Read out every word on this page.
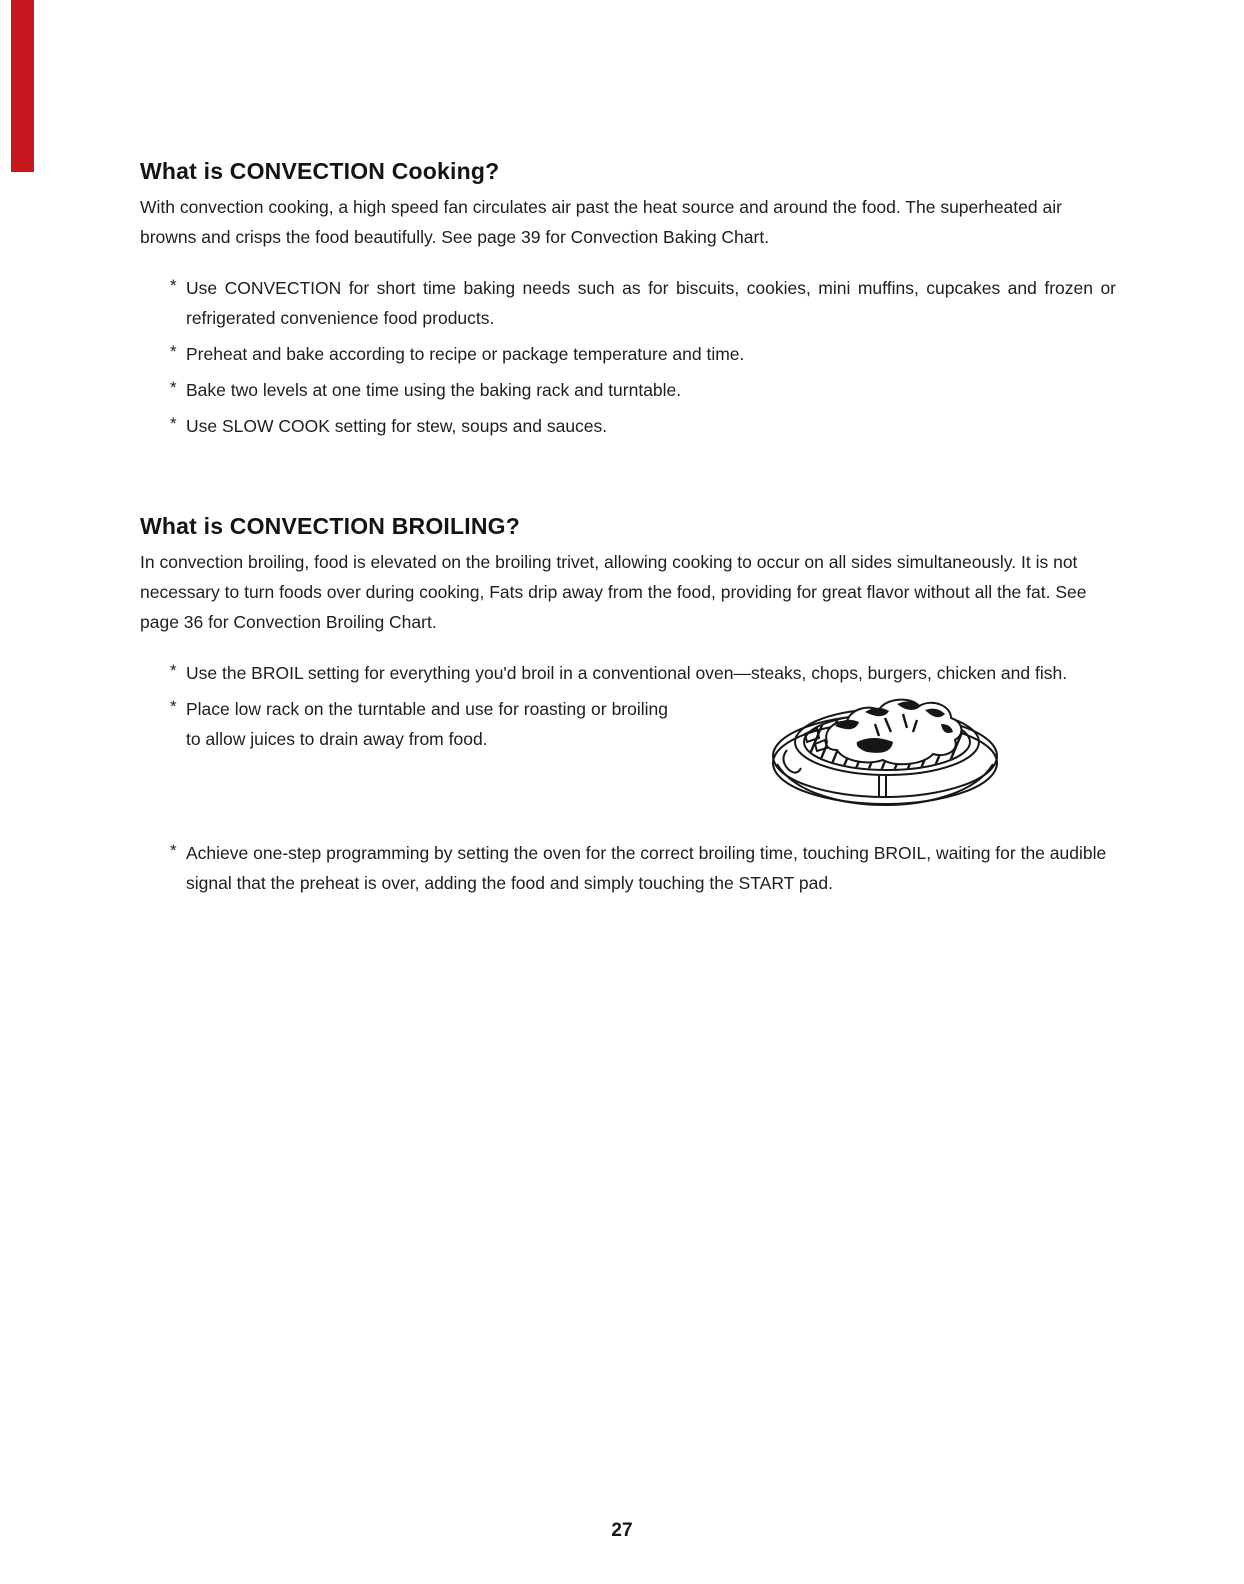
What is CONVECTION Cooking?

With convection cooking, a high speed fan circulates air past the heat source and around the food. The superheated air browns and crisps the food beautifully. See page 39 for Convection Baking Chart.

* Use CONVECTION for short time baking needs such as for biscuits, cookies, mini muffins, cupcakes and frozen or refrigerated convenience food products.
* Preheat and bake according to recipe or package temperature and time.
* Bake two levels at one time using the baking rack and turntable.
* Use SLOW COOK setting for stew, soups and sauces.
What is CONVECTION BROILING?

In convection broiling, food is elevated on the broiling trivet, allowing cooking to occur on all sides simultaneously. It is not necessary to turn foods over during cooking, Fats drip away from the food, providing for great flavor without all the fat. See page 36 for Convection Broiling Chart.

* Use the BROIL setting for everything you'd broil in a conventional oven—steaks, chops, burgers, chicken and fish.
* Place low rack on the turntable and use for roasting or broiling to allow juices to drain away from food.
* Achieve one-step programming by setting the oven for the correct broiling time, touching BROIL, waiting for the audible signal that the preheat is over, adding the food and simply touching the START pad.
27
